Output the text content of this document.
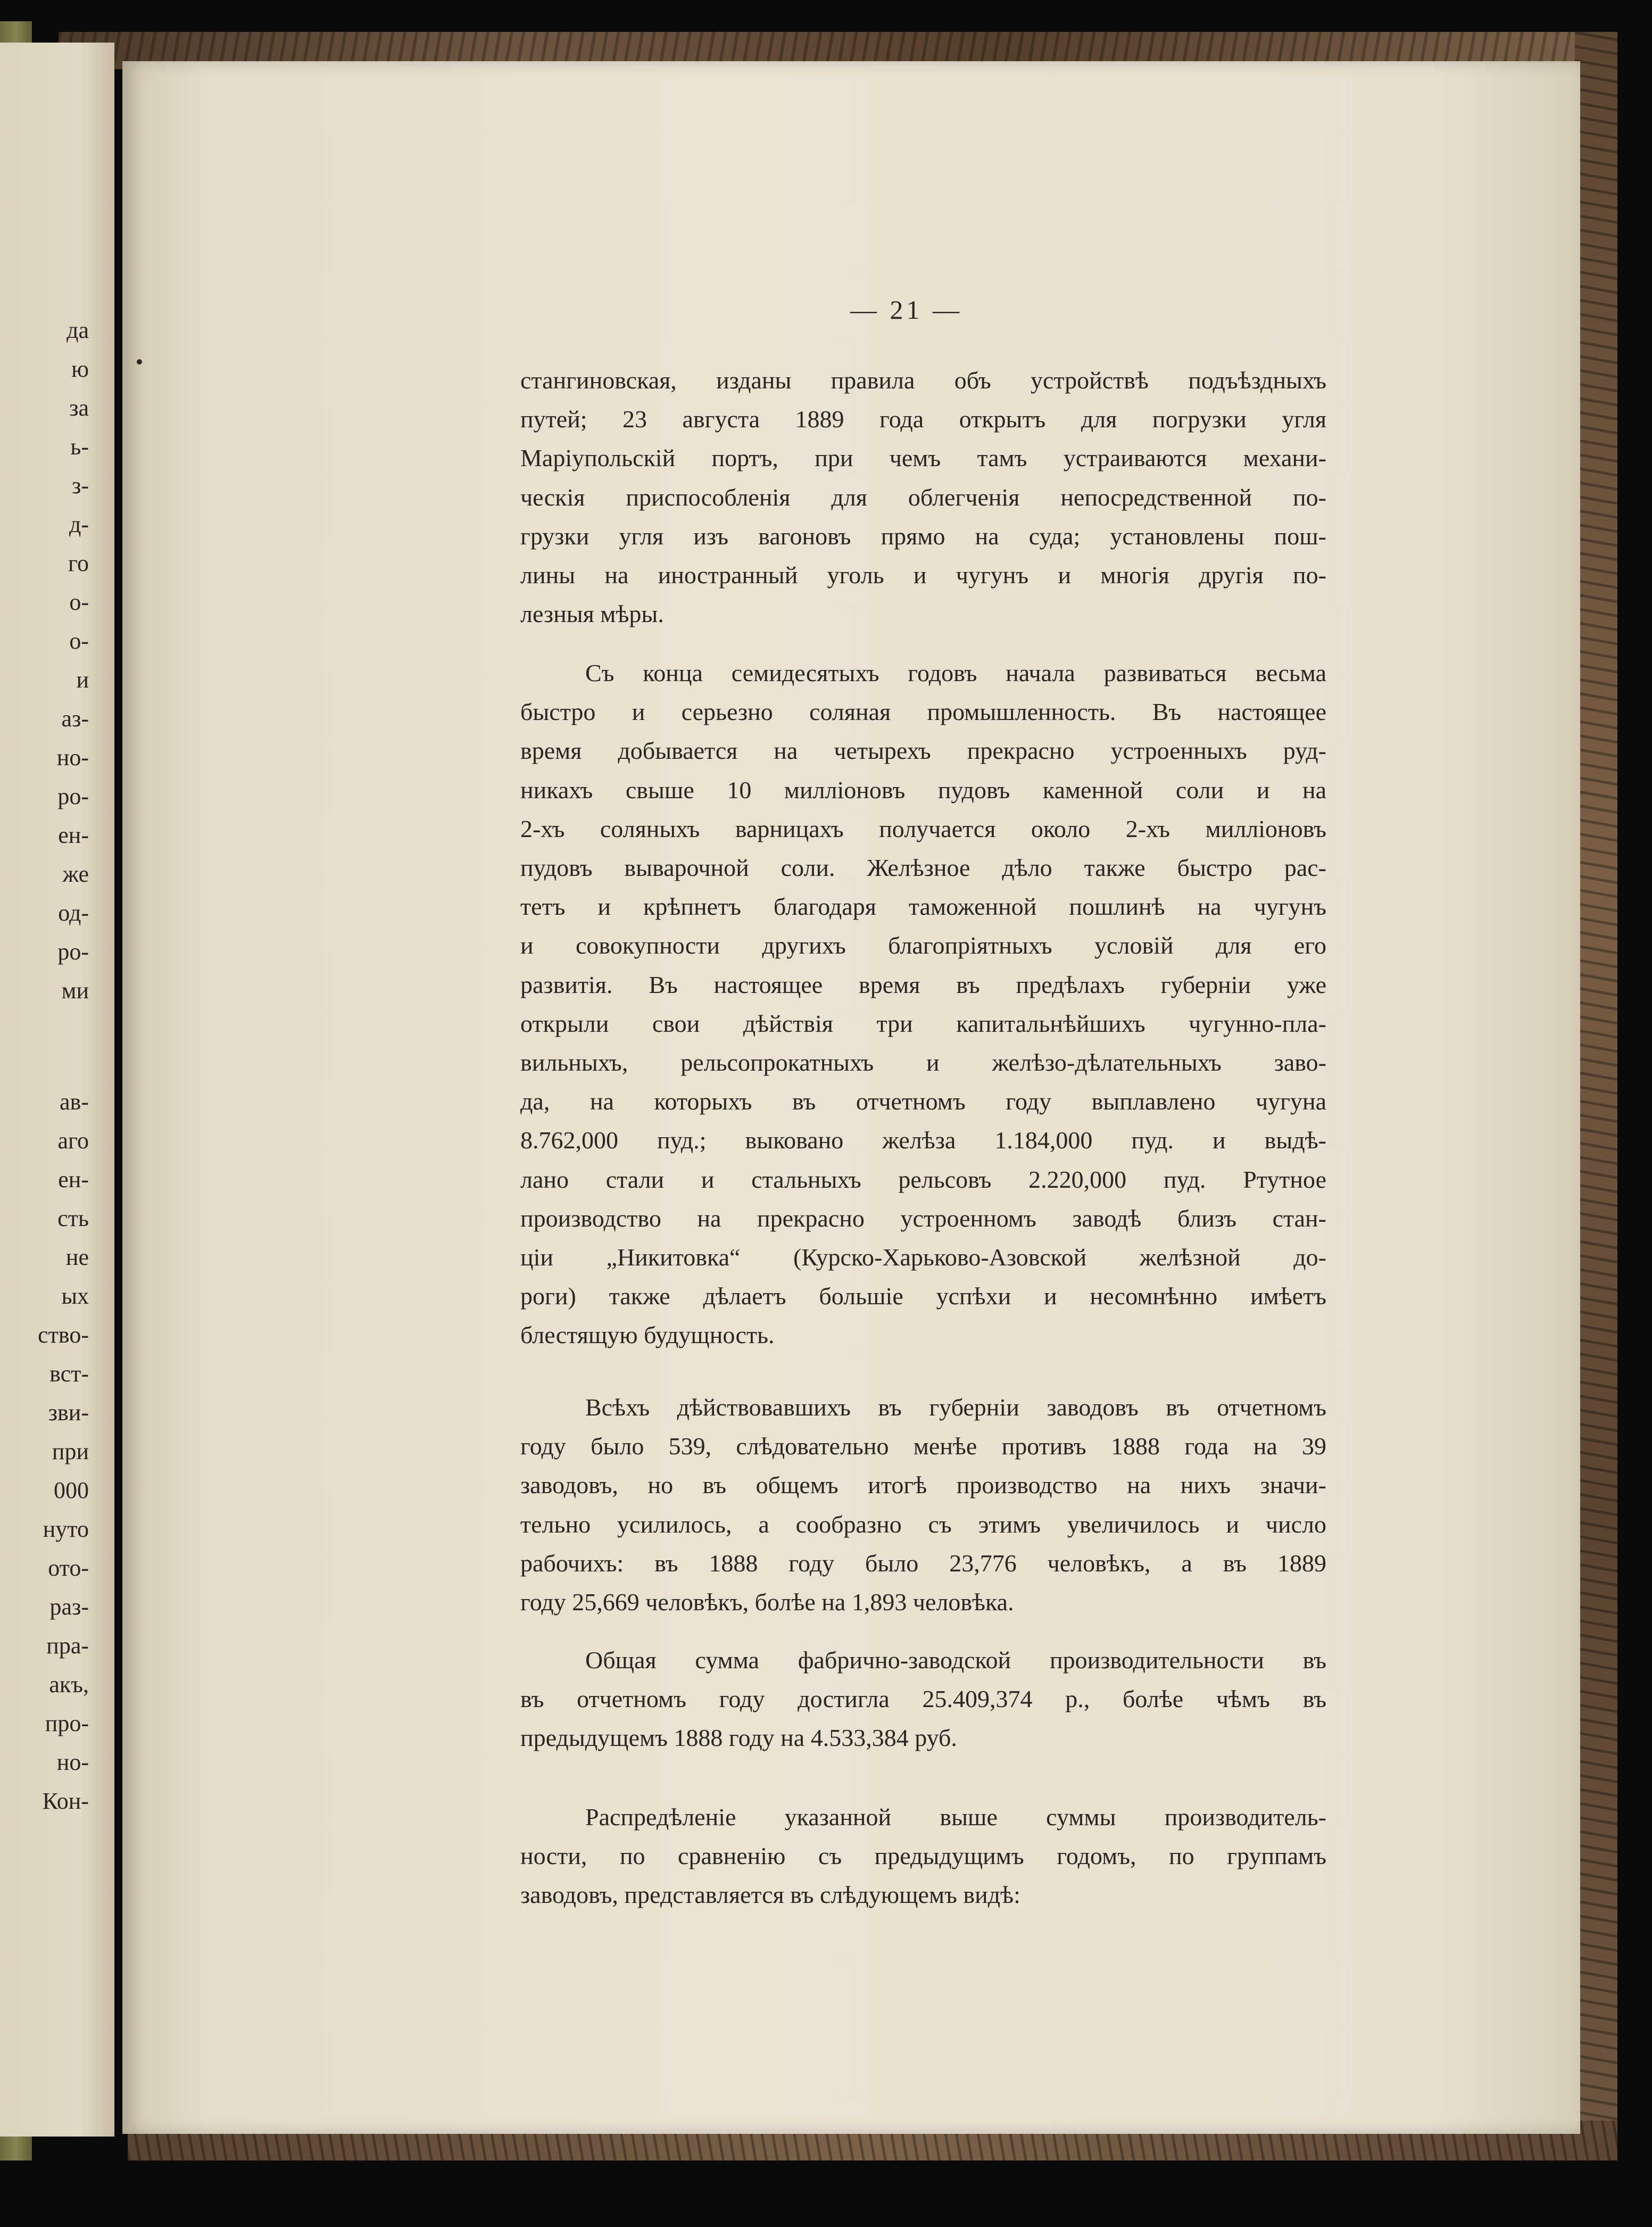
да
ю
за
ь-
з-
д-
го
о-
о-
и
аз-
но-
ро-
ен-
же
од-
ро-
ми
ав-
аго
ен-
сть
не
ых
ство-
вст-
зви-
при
000
нуто
ото-
раз-
пра-
акъ,
про-
но-
Кон-
— 21 —
стангиновская, изданы правила объ устройствѣ подъѣздныхъ
путей; 23 августа 1889 года открытъ для погрузки угля
Маріупольскій портъ, при чемъ тамъ устраиваются механи-
ческія приспособленія для облегченія непосредственной по-
грузки угля изъ вагоновъ прямо на суда; установлены пош-
лины на иностранный уголь и чугунъ и многія другія по-
лезныя мѣры.
Съ конца семидесятыхъ годовъ начала развиваться весьма
быстро и серьезно соляная промышленность. Въ настоящее
время добывается на четырехъ прекрасно устроенныхъ руд-
никахъ свыше 10 милліоновъ пудовъ каменной соли и на
2-хъ соляныхъ варницахъ получается около 2-хъ милліоновъ
пудовъ выварочной соли. Желѣзное дѣло также быстро рас-
тетъ и крѣпнетъ благодаря таможенной пошлинѣ на чугунъ
и совокупности другихъ благопріятныхъ условій для его
развитія. Въ настоящее время въ предѣлахъ губерніи уже
открыли свои дѣйствія три капитальнѣйшихъ чугунно-пла-
вильныхъ, рельсопрокатныхъ и желѣзо-дѣлательныхъ заво-
да, на которыхъ въ отчетномъ году выплавлено чугуна
8.762,000 пуд.; выковано желѣза 1.184,000 пуд. и выдѣ-
лано стали и стальныхъ рельсовъ 2.220,000 пуд. Ртутное
производство на прекрасно устроенномъ заводѣ близъ стан-
ціи „Никитовка“ (Курско-Харьково-Азовской желѣзной до-
роги) также дѣлаетъ большіе успѣхи и несомнѣнно имѣетъ
блестящую будущность.
Всѣхъ дѣйствовавшихъ въ губерніи заводовъ въ отчетномъ
году было 539, слѣдовательно менѣе противъ 1888 года на 39
заводовъ, но въ общемъ итогѣ производство на нихъ значи-
тельно усилилось, а сообразно съ этимъ увеличилось и число
рабочихъ: въ 1888 году было 23,776 человѣкъ, а въ 1889
году 25,669 человѣкъ, болѣе на 1,893 человѣка.
Общая сумма фабрично-заводской производительности въ
въ отчетномъ году достигла 25.409,374 р., болѣе чѣмъ въ
предыдущемъ 1888 году на 4.533,384 руб.
Распредѣленіе указанной выше суммы производитель-
ности, по сравненію съ предыдущимъ годомъ, по группамъ
заводовъ, представляется въ слѣдующемъ видѣ:
